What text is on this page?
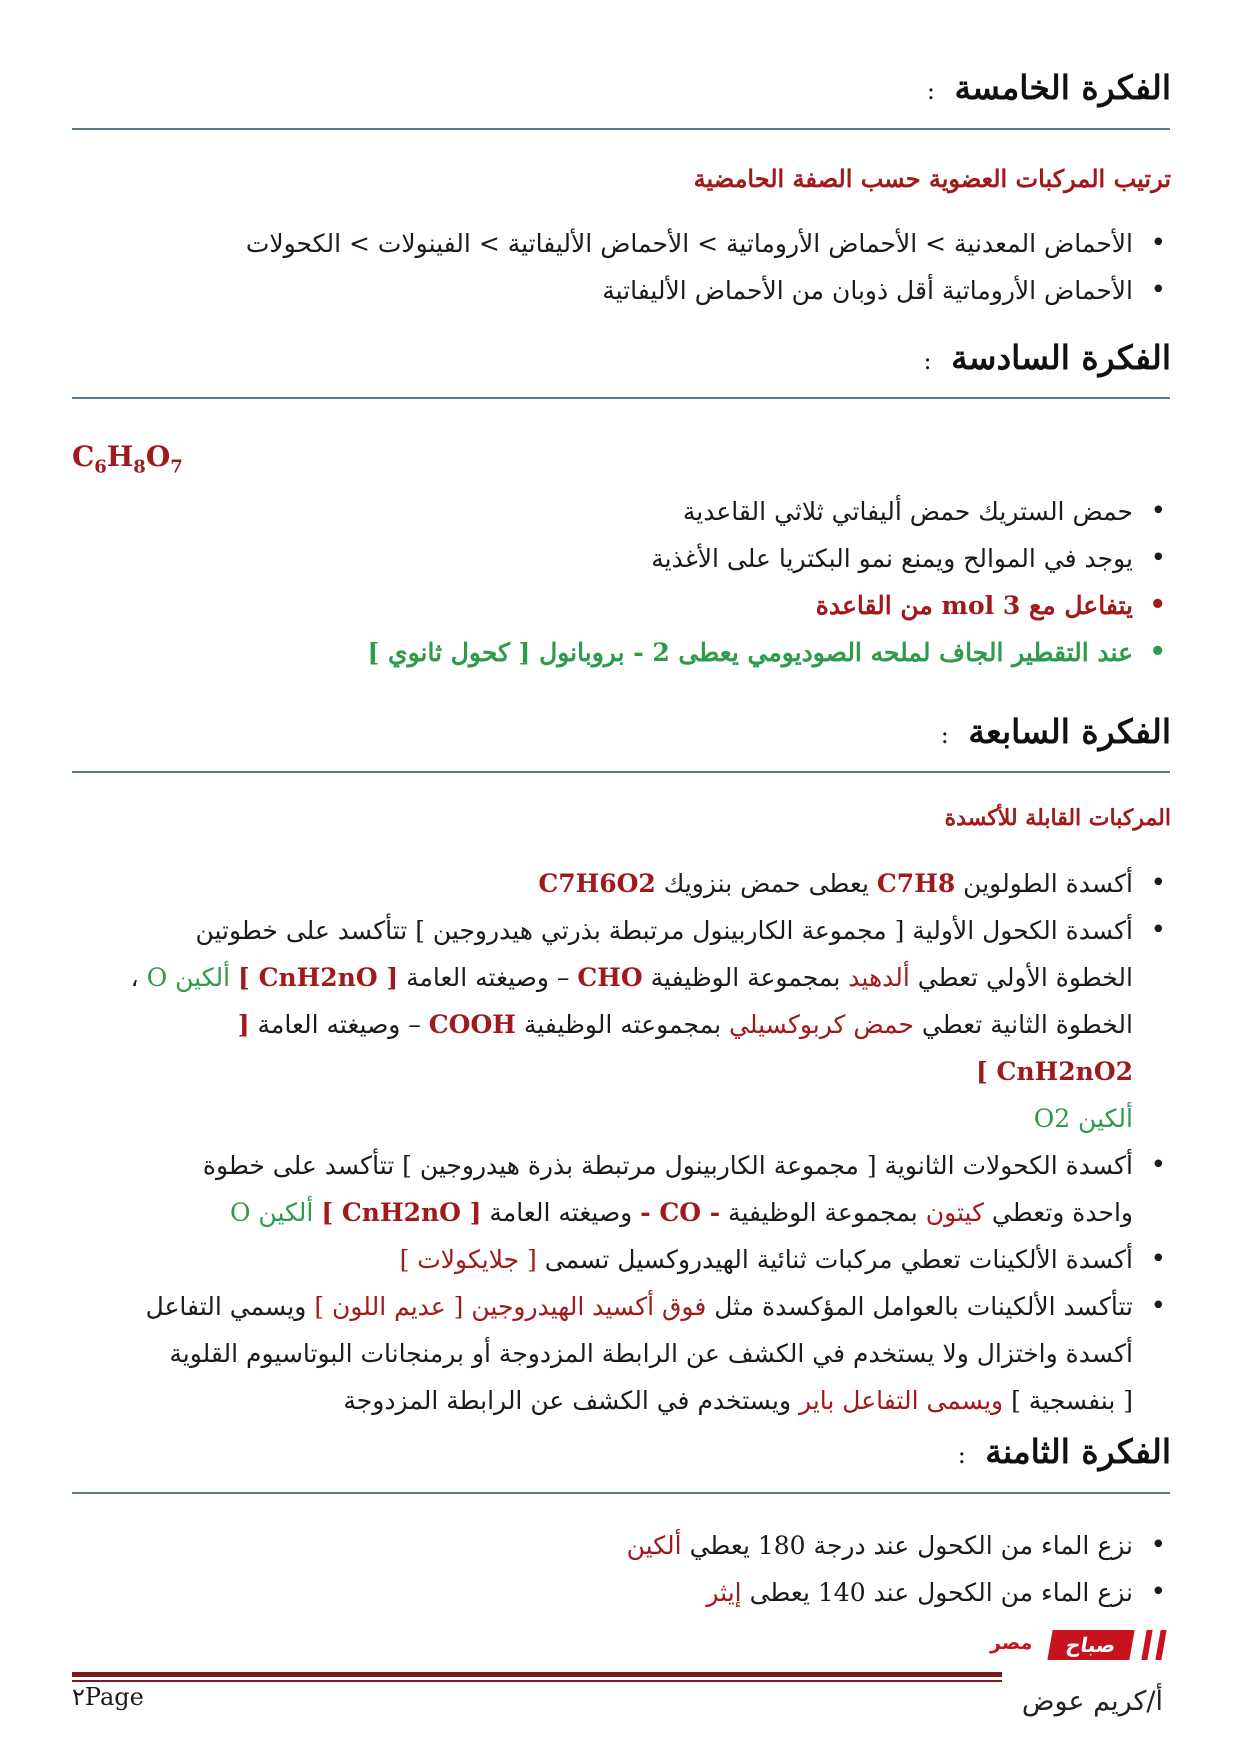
الفكرة الخامسة :
ترتيب المركبات العضوية حسب الصفة الحامضية
• الأحماض المعدنية > الأحماض الأروماتية > الأحماض الأليفاتية > الفينولات > الكحولات
• الأحماض الأروماتية أقل ذوبان من الأحماض الأليفاتية
الفكرة السادسة :
$C_6H_8O_7$
• حمض الستريك حمض أليفاتي ثلاثي القاعدية
• يوجد في الموالح ويمنع نمو البكتريا على الأغذية
• يتفاعل مع 3 mol من القاعدة
• عند التقطير الجاف لملحه الصوديومي يعطى 2 - بروبانول [ كحول ثانوي ]
الفكرة السابعة :
المركبات القابلة للأكسدة
• أكسدة الطولوين C7H8 يعطى حمض بنزويك C7H6O2
• أكسدة الكحول الأولية [ مجموعة الكاربينول مرتبطة بذرتي هيدروجين ] تتأكسد على خطوتين
الخطوة الأولي تعطي ألدهيد بمجموعة الوظيفية CHO – وصيغته العامة [ CnH2nO ] ألكين O ،
الخطوة الثانية تعطي حمض كربوكسيلي بمجموعته الوظيفية COOH – وصيغته العامة [ CnH2nO2 ]
ألكين O2
• أكسدة الكحولات الثانوية [ مجموعة الكاربينول مرتبطة بذرة هيدروجين ] تتأكسد على خطوة
واحدة وتعطي كيتون بمجموعة الوظيفية - CO - وصيغته العامة [ CnH2nO ] ألكين O
• أكسدة الألكينات تعطي مركبات ثنائية الهيدروكسيل تسمى [ جلايكولات ]
• تتأكسد الألكينات بالعوامل المؤكسدة مثل فوق أكسيد الهيدروجين [ عديم اللون ] ويسمي التفاعل
أكسدة واختزال ولا يستخدم في الكشف عن الرابطة المزدوجة أو برمنجانات البوتاسيوم القلوية
[ بنفسجية ] ويسمى التفاعل باير ويستخدم في الكشف عن الرابطة المزدوجة
الفكرة الثامنة :
• نزع الماء من الكحول عند درجة 180 يعطي ألكين
• نزع الماء من الكحول عند 140 يعطى إيثر
٢Page	أ/كريم عوض
مصر	صباح
